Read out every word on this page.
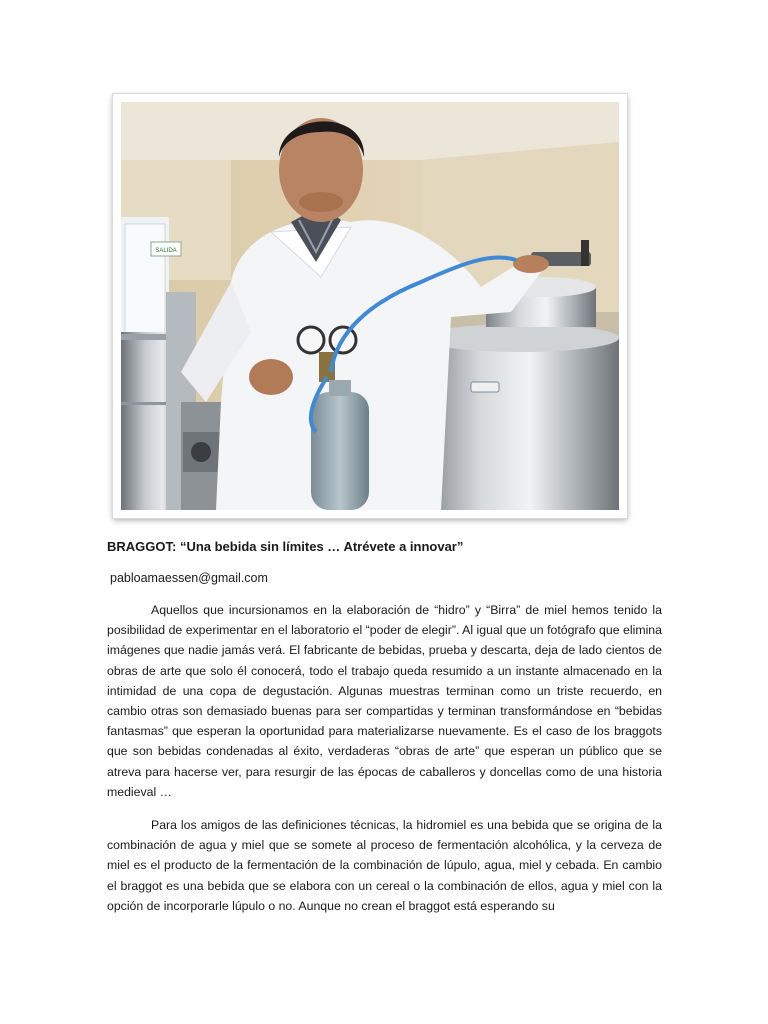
SALIDA

BRAGGOT: “Una bebida sin límites … Atrévete a innovar”

pabloamaessen@gmail.com

Aquellos que incursionamos en la elaboración de “hidro” y “Birra” de miel hemos tenido la posibilidad de experimentar en el laboratorio el “poder de elegir”. Al igual que un fotógrafo que elimina imágenes que nadie jamás verá. El fabricante de bebidas, prueba y descarta, deja de lado cientos de obras de arte que solo él conocerá, todo el trabajo queda resumido a un instante almacenado en la intimidad de una copa de degustación. Algunas muestras terminan como un triste recuerdo, en cambio otras son demasiado buenas para ser compartidas y terminan transformándose en “bebidas fantasmas” que esperan la oportunidad para materializarse nuevamente. Es el caso de los braggots que son bebidas condenadas al éxito, verdaderas “obras de arte” que esperan un público que se atreva para hacerse ver, para resurgir de las épocas de caballeros y doncellas como de una historia medieval …

Para los amigos de las definiciones técnicas, la hidromiel es una bebida que se origina de la combinación de agua y miel que se somete al proceso de fermentación alcohólica, y la cerveza de miel es el producto de la fermentación de la combinación de lúpulo, agua, miel y cebada. En cambio el braggot es una bebida que se elabora con un cereal o la combinación de ellos, agua y miel con la opción de incorporarle lúpulo o no. Aunque no crean el braggot está esperando su
